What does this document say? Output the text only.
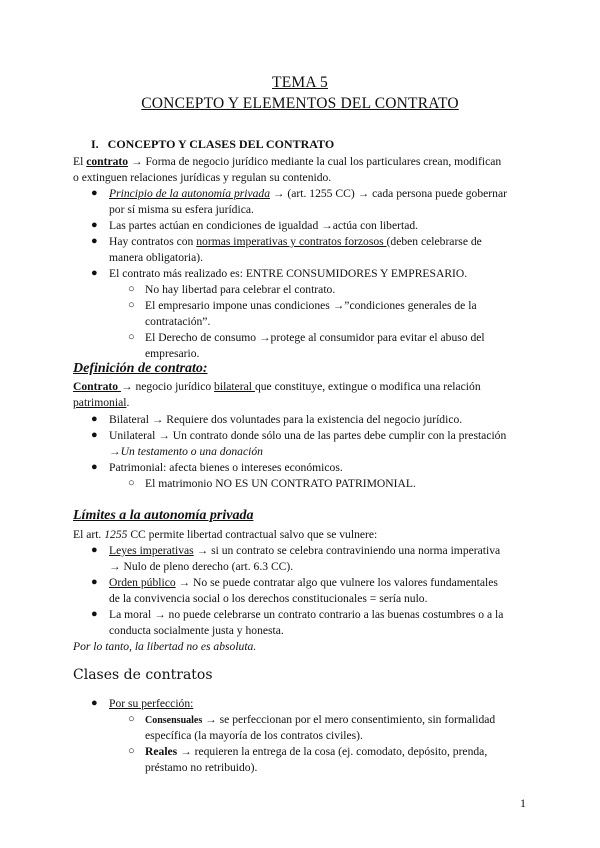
TEMA 5
CONCEPTO Y ELEMENTOS DEL CONTRATO
I. CONCEPTO Y CLASES DEL CONTRATO
El contrato → Forma de negocio jurídico mediante la cual los particulares crean, modifican
o extinguen relaciones jurídicas y regulan su contenido.
● Principio de la autonomía privada → (art. 1255 CC) → cada persona puede gobernar
por sí misma su esfera jurídica.
● Las partes actúan en condiciones de igualdad →actúa con libertad.
● Hay contratos con normas imperativas y contratos forzosos (deben celebrarse de
manera obligatoria).
● El contrato más realizado es: ENTRE CONSUMIDORES Y EMPRESARIO.
○ No hay libertad para celebrar el contrato.
○ El empresario impone unas condiciones →”condiciones generales de la
contratación”.
○ El Derecho de consumo →protege al consumidor para evitar el abuso del
empresario.
Definición de contrato:
Contrato → negocio jurídico bilateral que constituye, extingue o modifica una relación
patrimonial.
● Bilateral → Requiere dos voluntades para la existencia del negocio jurídico.
● Unilateral → Un contrato donde sólo una de las partes debe cumplir con la prestación
→Un testamento o una donación
● Patrimonial: afecta bienes o intereses económicos.
○ El matrimonio NO ES UN CONTRATO PATRIMONIAL.
Límites a la autonomía privada
El art. 1255 CC permite libertad contractual salvo que se vulnere:
● Leyes imperativas → si un contrato se celebra contraviniendo una norma imperativa
→ Nulo de pleno derecho (art. 6.3 CC).
● Orden público → No se puede contratar algo que vulnere los valores fundamentales
de la convivencia social o los derechos constitucionales = sería nulo.
● La moral → no puede celebrarse un contrato contrario a las buenas costumbres o a la
conducta socialmente justa y honesta.
Por lo tanto, la libertad no es absoluta.
Clases de contratos
● Por su perfección:
○ Consensuales → se perfeccionan por el mero consentimiento, sin formalidad
específica (la mayoría de los contratos civiles).
○ Reales → requieren la entrega de la cosa (ej. comodato, depósito, prenda,
préstamo no retribuido).
1
